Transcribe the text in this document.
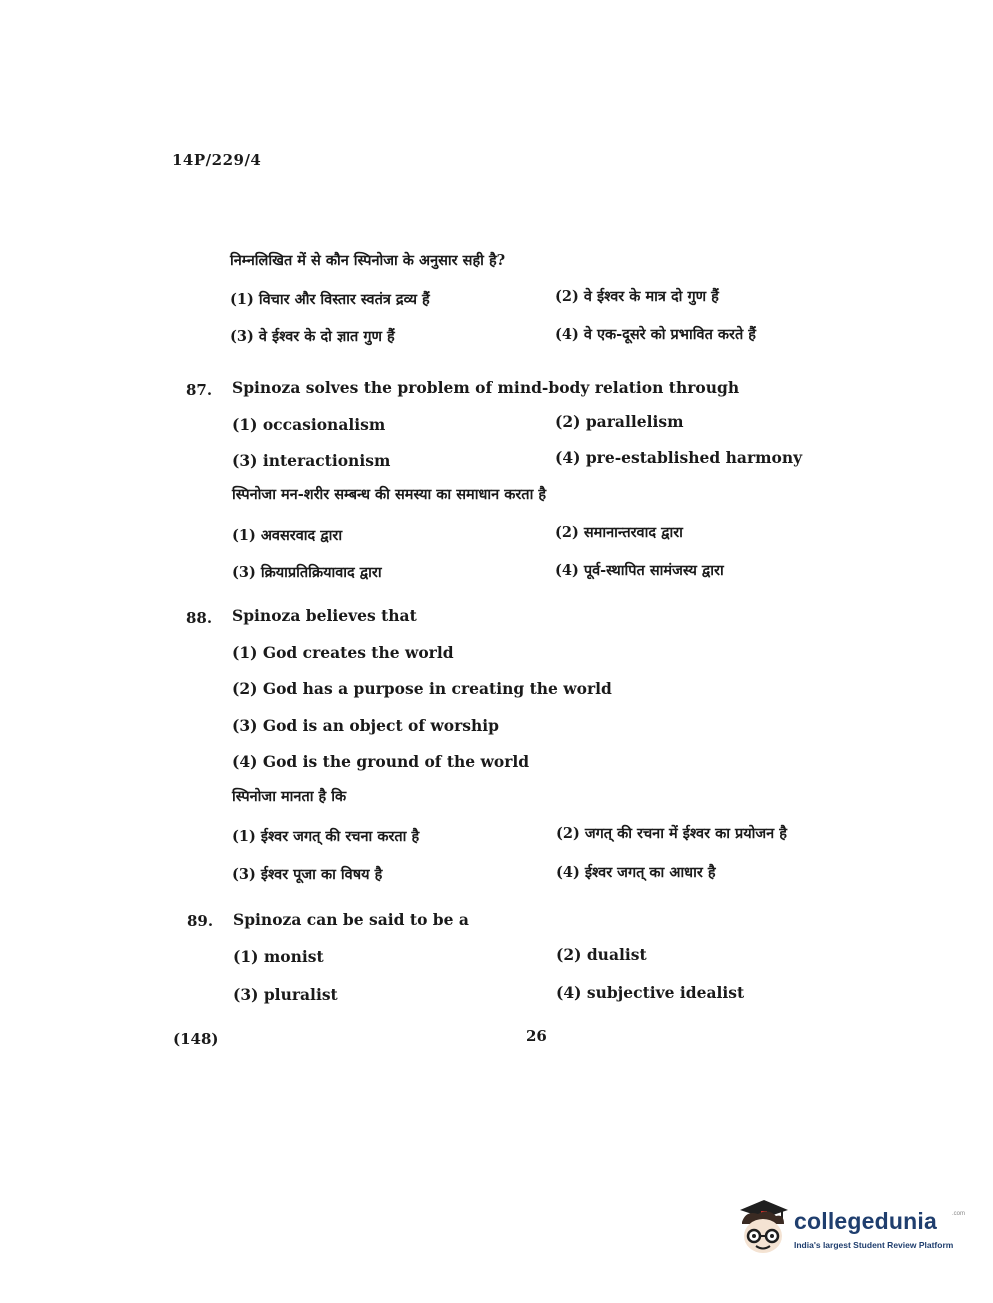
14P/229/4
निम्नलिखित में से कौन स्पिनोजा के अनुसार सही है?
(1) विचार और विस्तार स्वतंत्र द्रव्य हैं	(2) वे ईश्वर के मात्र दो गुण हैं
(3) वे ईश्वर के दो ज्ञात गुण हैं	(4) वे एक-दूसरे को प्रभावित करते हैं
87. Spinoza solves the problem of mind-body relation through
(1) occasionalism	(2) parallelism
(3) interactionism	(4) pre-established harmony
स्पिनोजा मन-शरीर सम्बन्ध की समस्या का समाधान करता है
(1) अवसरवाद द्वारा	(2) समानान्तरवाद द्वारा
(3) क्रियाप्रतिक्रियावाद द्वारा	(4) पूर्व-स्थापित सामंजस्य द्वारा
88. Spinoza believes that
(1) God creates the world
(2) God has a purpose in creating the world
(3) God is an object of worship
(4) God is the ground of the world
स्पिनोजा मानता है कि
(1) ईश्वर जगत् की रचना करता है	(2) जगत् की रचना में ईश्वर का प्रयोजन है
(3) ईश्वर पूजा का विषय है	(4) ईश्वर जगत् का आधार है
89. Spinoza can be said to be a
(1) monist	(2) dualist
(3) pluralist	(4) subjective idealist
(148)	26
collegedunia	.com
India's largest Student Review Platform
